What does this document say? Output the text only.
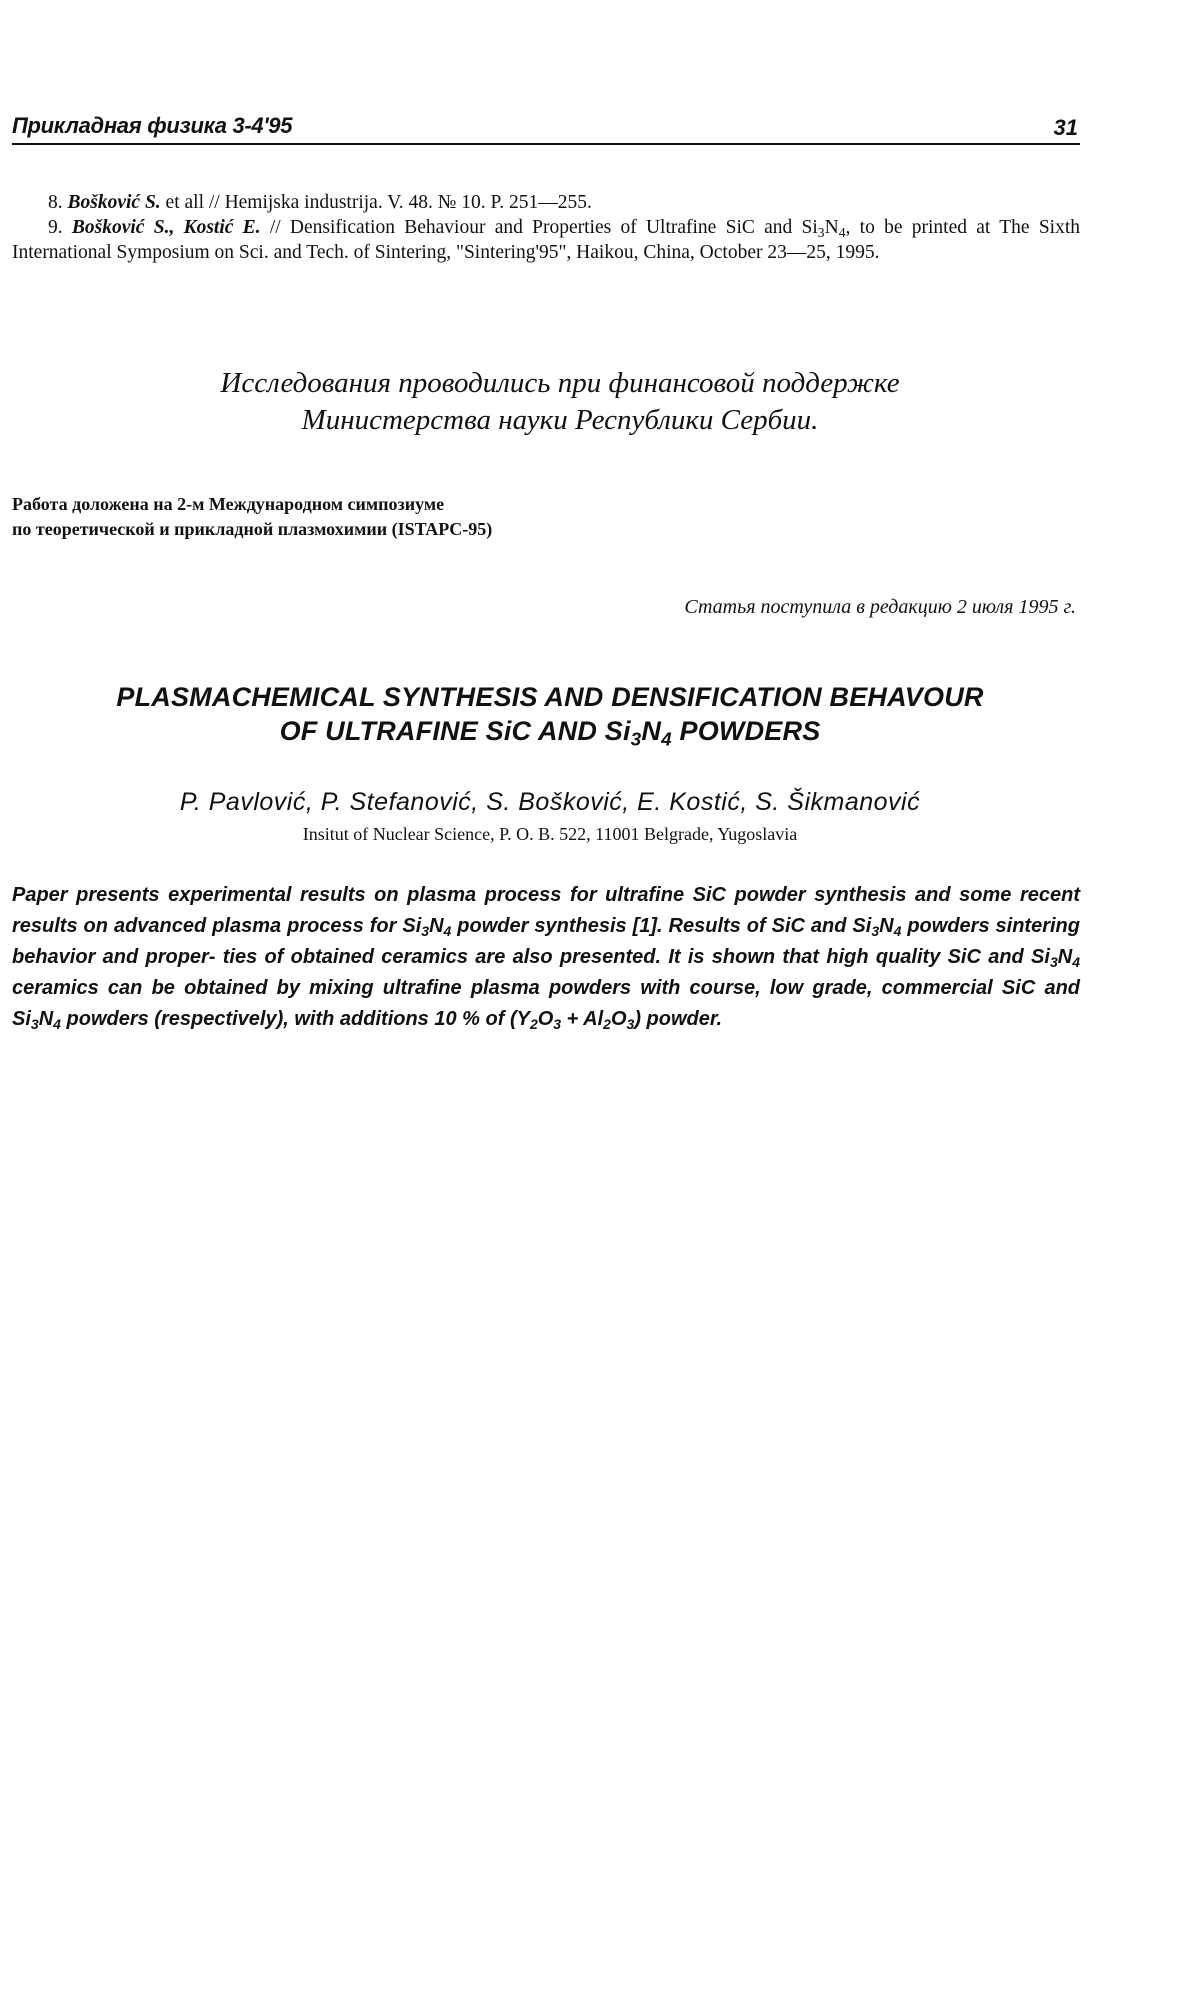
Прикладная физика 3-4'95	31

8. Bošković S. et all // Hemijska industrija. V. 48. № 10. P. 251—255.

9. Bošković S., Kostić E. // Densification Behaviour and Properties of Ultrafine SiC and $Si_3N_4$, to be printed at The Sixth International Symposium on Sci. and Tech. of Sintering, "Sintering'95", Haikou, China, October 23—25, 1995.

Исследования проводились при финансовой поддержке
Министерства науки Республики Сербии.
Работа доложена на 2-м Международном симпозиуме
по теоретической и прикладной плазмохимии (ISTAPC-95)
Статья поступила в редакцию 2 июля 1995 г.
PLASMACHEMICAL SYNTHESIS AND DENSIFICATION BEHAVOUR
OF ULTRAFINE SiC AND $Si_3N_4$ POWDERS
P. Pavlović, P. Stefanović, S. Bošković, E. Kostić, S. Šikmanović
Insitut of Nuclear Science, P. O. B. 522, 11001 Belgrade, Yugoslavia

Paper presents experimental results on plasma process for ultrafine SiC powder synthesis and some recent results on advanced plasma process for $Si_3N_4$ powder synthesis [1]. Results of SiC and $Si_3N_4$ powders sintering behavior and proper- ties of obtained ceramics are also presented. It is shown that high quality SiC and $Si_3N_4$ ceramics can be obtained by mixing ultrafine plasma powders with course, low grade, commercial SiC and $Si_3N_4$ powders (respectively), with additions 10 % of $(Y_2O_3 + Al_2O_3)$ powder.
